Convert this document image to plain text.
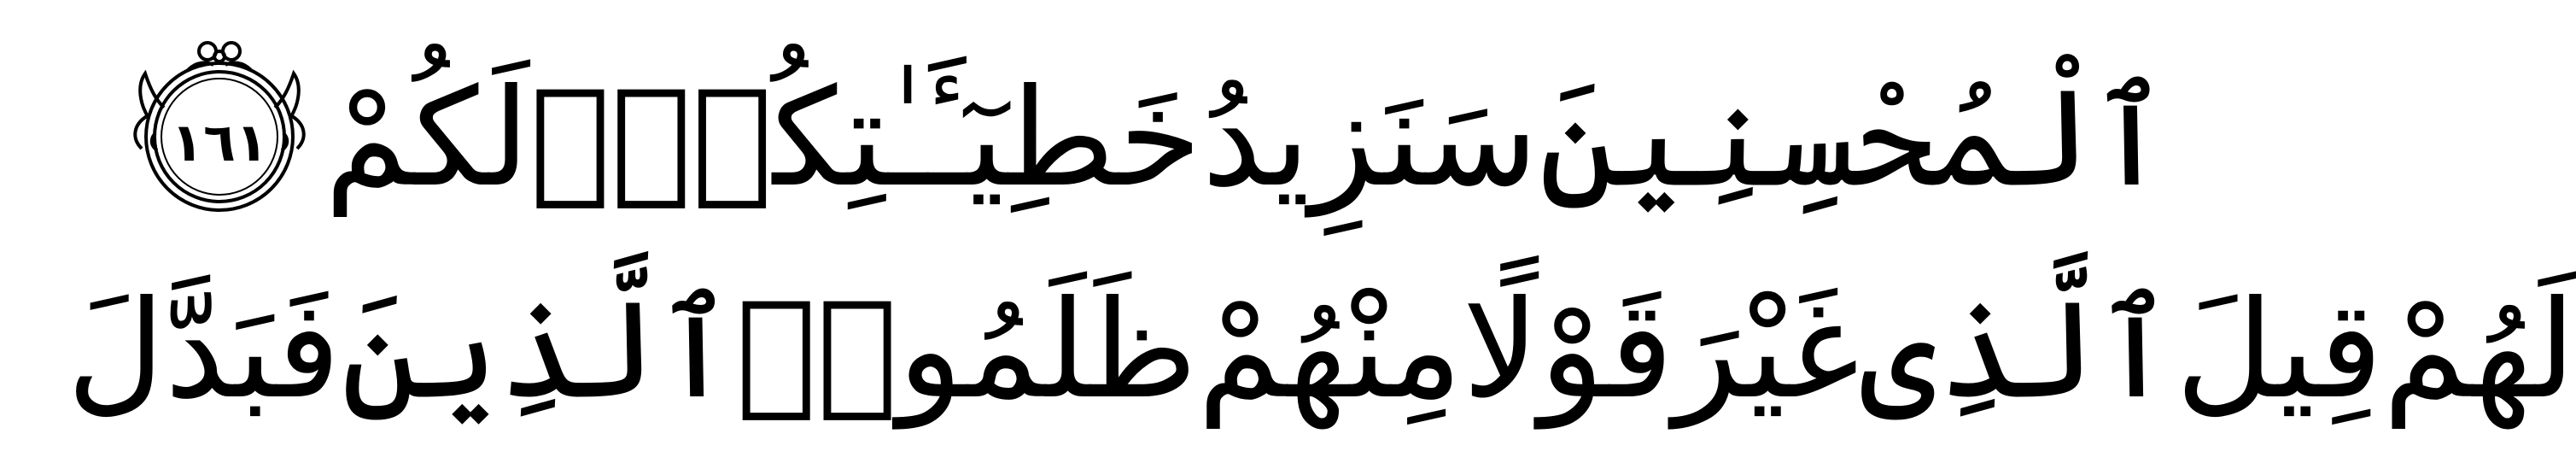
لَكُمْ خَطِيٓـَٔـٰتِكُمْۚ سَنَزِيدُ ٱلْمُحْسِنِينَ
١٦١
فَبَدَّلَ ٱلَّذِينَ ظَلَمُوا۟ مِنْهُمْ قَوْلًا غَيْرَ ٱلَّذِى قِيلَ لَهُمْ
